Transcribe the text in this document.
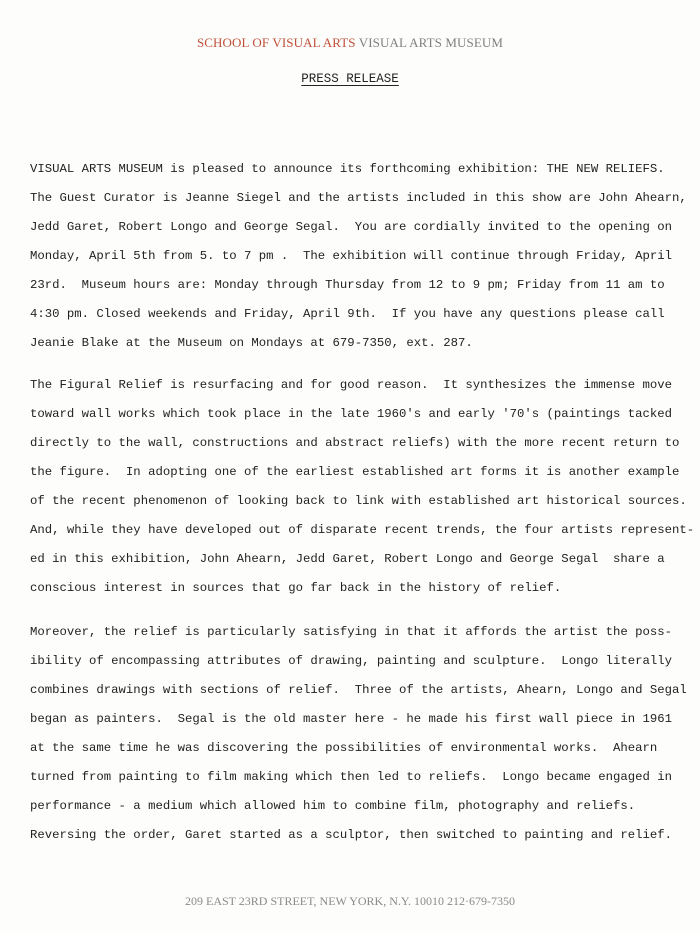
SCHOOL OF VISUAL ARTS VISUAL ARTS MUSEUM
PRESS RELEASE
VISUAL ARTS MUSEUM is pleased to announce its forthcoming exhibition: THE NEW RELIEFS.
The Guest Curator is Jeanne Siegel and the artists included in this show are John Ahearn,
Jedd Garet, Robert Longo and George Segal.  You are cordially invited to the opening on
Monday, April 5th from 5. to 7 pm .  The exhibition will continue through Friday, April
23rd.  Museum hours are: Monday through Thursday from 12 to 9 pm; Friday from 11 am to
4:30 pm. Closed weekends and Friday, April 9th.  If you have any questions please call
Jeanie Blake at the Museum on Mondays at 679-7350, ext. 287.
The Figural Relief is resurfacing and for good reason.  It synthesizes the immense move
toward wall works which took place in the late 1960's and early '70's (paintings tacked
directly to the wall, constructions and abstract reliefs) with the more recent return to
the figure.  In adopting one of the earliest established art forms it is another example
of the recent phenomenon of looking back to link with established art historical sources.
And, while they have developed out of disparate recent trends, the four artists represent-
ed in this exhibition, John Ahearn, Jedd Garet, Robert Longo and George Segal  share a
conscious interest in sources that go far back in the history of relief.
Moreover, the relief is particularly satisfying in that it affords the artist the poss-
ibility of encompassing attributes of drawing, painting and sculpture.  Longo literally
combines drawings with sections of relief.  Three of the artists, Ahearn, Longo and Segal
began as painters.  Segal is the old master here - he made his first wall piece in 1961
at the same time he was discovering the possibilities of environmental works.  Ahearn
turned from painting to film making which then led to reliefs.  Longo became engaged in
performance - a medium which allowed him to combine film, photography and reliefs.
Reversing the order, Garet started as a sculptor, then switched to painting and relief.
209 EAST 23RD STREET, NEW YORK, N.Y. 10010 212·679-7350
